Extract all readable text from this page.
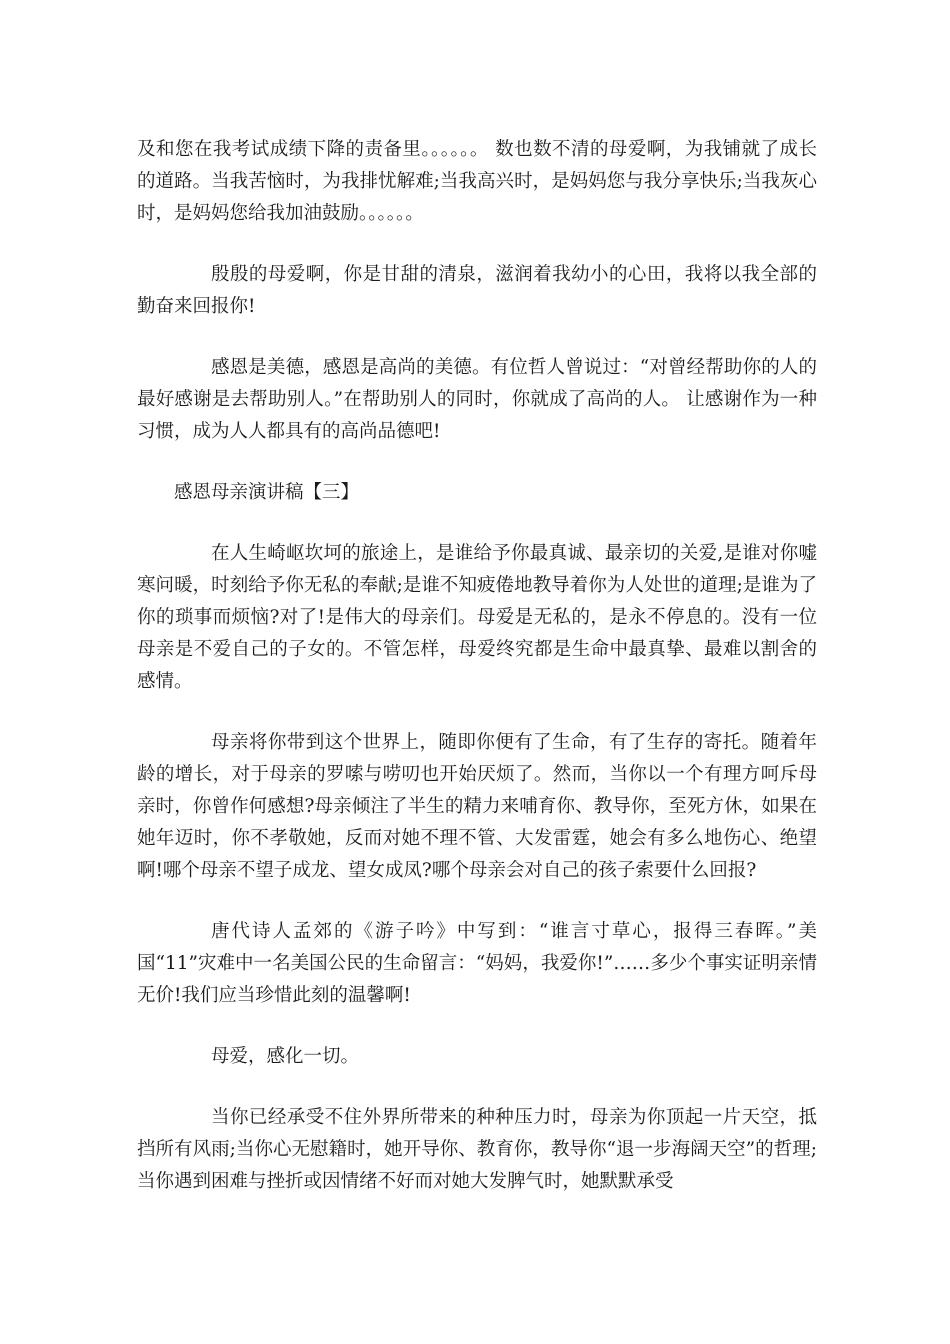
及和您在我考试成绩下降的责备里。。。。。。 数也数不清的母爱啊，为我铺就了成长的道路。当我苦恼时，为我排忧解难;当我高兴时，是妈妈您与我分享快乐;当我灰心时，是妈妈您给我加油鼓励。。。。。。

殷殷的母爱啊，你是甘甜的清泉，滋润着我幼小的心田，我将以我全部的勤奋来回报你!

感恩是美德，感恩是高尚的美德。有位哲人曾说过：“对曾经帮助你的人的最好感谢是去帮助别人。”在帮助别人的同时，你就成了高尚的人。 让感谢作为一种习惯，成为人人都具有的高尚品德吧!

感恩母亲演讲稿【三】

在人生崎岖坎坷的旅途上，是谁给予你最真诚、最亲切的关爱,是谁对你嘘寒问暖，时刻给予你无私的奉献;是谁不知疲倦地教导着你为人处世的道理;是谁为了你的琐事而烦恼?对了!是伟大的母亲们。母爱是无私的，是永不停息的。没有一位母亲是不爱自己的子女的。不管怎样，母爱终究都是生命中最真挚、最难以割舍的感情。

母亲将你带到这个世界上，随即你便有了生命，有了生存的寄托。随着年龄的增长，对于母亲的罗嗦与唠叨也开始厌烦了。然而，当你以一个有理方呵斥母亲时，你曾作何感想?母亲倾注了半生的精力来哺育你、教导你，至死方休，如果在她年迈时，你不孝敬她，反而对她不理不管、大发雷霆，她会有多么地伤心、绝望啊!哪个母亲不望子成龙、望女成凤?哪个母亲会对自己的孩子索要什么回报?

唐代诗人孟郊的《游子吟》中写到：“谁言寸草心，报得三春晖。”美国“11”灾难中一名美国公民的生命留言：“妈妈，我爱你!”……多少个事实证明亲情无价!我们应当珍惜此刻的温馨啊!

母爱，感化一切。

当你已经承受不住外界所带来的种种压力时，母亲为你顶起一片天空，抵挡所有风雨;当你心无慰籍时，她开导你、教育你，教导你“退一步海阔天空”的哲理;当你遇到困难与挫折或因情绪不好而对她大发脾气时，她默默承受
